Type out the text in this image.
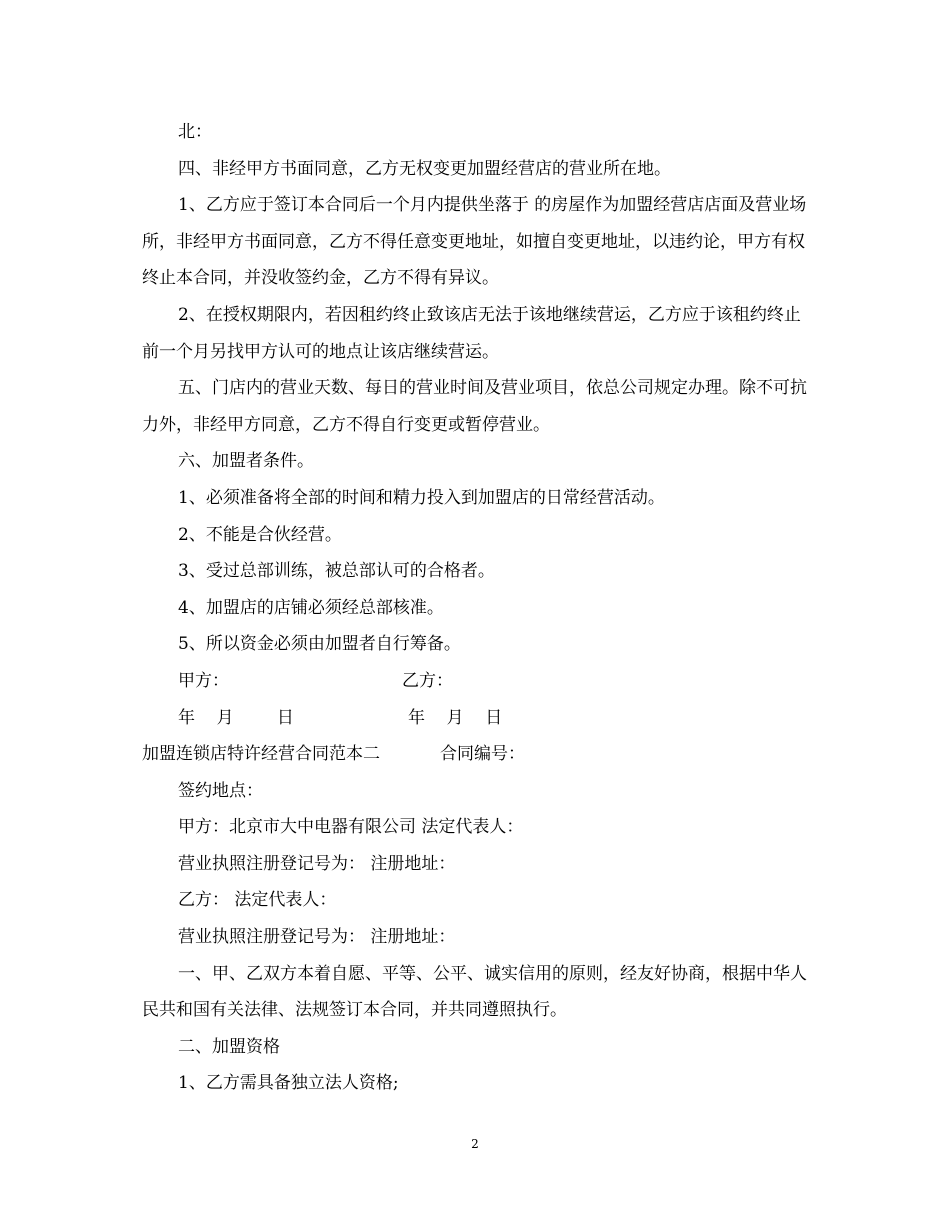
北：

四、非经甲方书面同意，乙方无权变更加盟经营店的营业所在地。

1、乙方应于签订本合同后一个月内提供坐落于 的房屋作为加盟经营店店面及营业场所，非经甲方书面同意，乙方不得任意变更地址，如擅自变更地址，以违约论，甲方有权终止本合同，并没收签约金，乙方不得有异议。

2、在授权期限内，若因租约终止致该店无法于该地继续营运，乙方应于该租约终止前一个月另找甲方认可的地点让该店继续营运。

五、门店内的营业天数、每日的营业时间及营业项目，依总公司规定办理。除不可抗力外，非经甲方同意，乙方不得自行变更或暂停营业。

六、加盟者条件。

1、必须准备将全部的时间和精力投入到加盟店的日常经营活动。

2、不能是合伙经营。

3、受过总部训练，被总部认可的合格者。

4、加盟店的店铺必须经总部核准。

5、所以资金必须由加盟者自行筹备。

甲方：	乙方：
年    月        日	年    月    日
加盟连锁店特许经营合同范本二	合同编号：

签约地点：

甲方：北京市大中电器有限公司 法定代表人：

营业执照注册登记号为： 注册地址：

乙方： 法定代表人：

营业执照注册登记号为： 注册地址：

一、甲、乙双方本着自愿、平等、公平、诚实信用的原则，经友好协商，根据中华人民共和国有关法律、法规签订本合同，并共同遵照执行。

二、加盟资格

1、乙方需具备独立法人资格;

2
